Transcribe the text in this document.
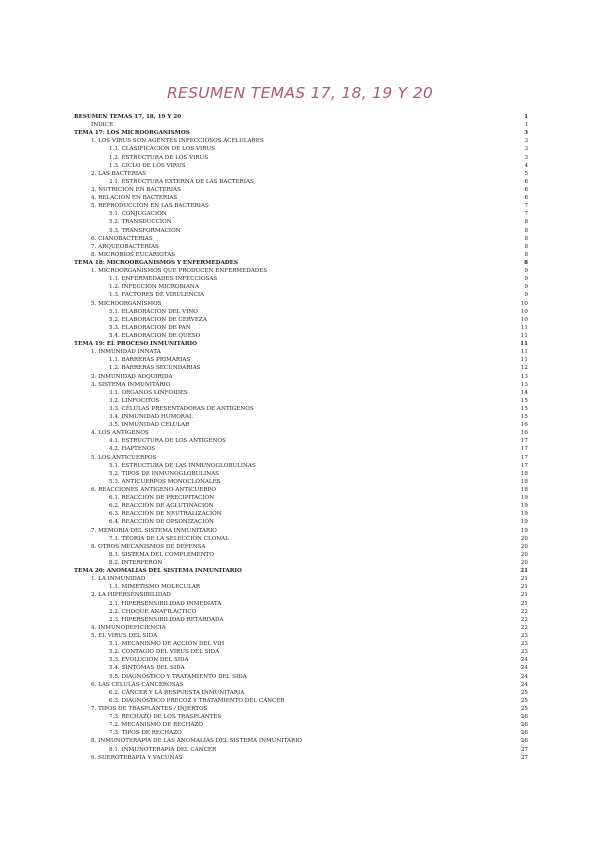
RESUMEN TEMAS 17, 18, 19 Y 20
RESUMEN TEMAS 17, 18, 19 Y 20	1
ÍNDICE	1
TEMA 17: LOS MICROORGANISMOS	3
1. LOS VIRUS SON AGENTES INFECCIOSOS ACELULARES	3
1.1. CLASIFICACIÓN DE LOS VIRUS	3
1.2. ESTRUCTURA DE LOS VIRUS	3
1.3. CICLO DE LOS VIRUS	4
2. LAS BACTERIAS	5
2.1. ESTRUCTURA EXTERNA DE LAS BACTERIAS	6
3. NUTRICIÓN EN BACTERIAS	6
4. RELACIÓN EN BACTERIAS	6
5. REPRODUCCIÓN EN LAS BACTERIAS	7
5.1. CONJUGACIÓN	7
5.2. TRANSDUCCIÓN	8
5.3. TRANSFORMACIÓN	8
6. CIANOBACTERIAS	8
7. ARQUEOBACTERIAS	8
8. MICROBIOS EUCARIOTAS	8
TEMA 18: MICROORGANISMOS Y ENFERMEDADES	8
1. MICROORGANISMOS QUE PRODUCEN ENFERMEDADES	9
1.1. ENFERMEDADES INFECCIOSAS	9
1.2. INFECCIÓN MICROBIANA	9
1.3. FACTORES DE VIRULENCIA	9
5. MICROORGANISMOS	10
5.1. ELABORACIÓN DEL VINO	10
5.2. ELABORACIÓN DE CERVEZA	10
5.3. ELABORACIÓN DE PAN	11
5.4. ELABORACIÓN DE QUESO	11
TEMA 19: EL PROCESO INMUNITARIO	11
1. INMUNIDAD INNATA	11
1.1. BARRERAS PRIMARIAS	11
1.2. BARRERAS SECUNDARIAS	12
2. INMUNIDAD ADQUIRIDA	13
3. SISTEMA INMUNITARIO	13
3.1. ÓRGANOS LINFOIDES	14
3.2. LINFOCITOS	15
3.3. CÉLULAS PRESENTADORAS DE ANTÍGENOS	15
3.4. INMUNIDAD HUMORAL	15
3.5. INMUNIDAD CELULAR	16
4. LOS ANTÍGENOS	16
4.1. ESTRUCTURA DE LOS ANTÍGENOS	17
4.2. HAPTENOS	17
5. LOS ANTICUERPOS	17
5.1. ESTRUCTURA DE LAS INMUNOGLOBULINAS	17
5.2. TIPOS DE INMUNOGLOBULINAS	18
5.3. ANTICUERPOS MONOCLONALES	18
6. REACCIONES ANTÍGENO-ANTICUERPO	18
6.1. REACCIÓN DE PRECIPITACIÓN	19
6.2. REACCIÓN DE AGLUTINACIÓN	19
6.3. REACCIÓN DE NEUTRALIZACIÓN	19
6.4. REACCIÓN DE OPSONIZACIÓN	19
7. MEMORIA DEL SISTEMA INMUNITARIO	19
7.1. TEORÍA DE LA SELECCIÓN CLONAL	20
8. OTROS MECANISMOS DE DEFENSA	20
8.1. SISTEMA DEL COMPLEMENTO	20
8.2. INTERFERÓN	20
TEMA 20: ANOMALÍAS DEL SISTEMA INMUNITARIO	21
1. LA INMUNIDAD	21
1.1. MIMETISMO MOLECULAR	21
2. LA HIPERSENSIBILIDAD	21
2.1. HIPERSENSIBILIDAD INMEDIATA	21
2.2. CHOQUE ANAFILÁCTICO	22
2.3. HIPERSENSIBILIDAD RETARDADA	22
4. INMUNODEFICIENCIA	22
5. EL VIRUS DEL SIDA	23
5.1. MECANISMO DE ACCIÓN DEL VIH	23
5.2. CONTAGIO DEL VIRUS DEL SIDA	23
5.3. EVOLUCIÓN DEL SIDA	24
5.4. SÍNTOMAS DEL SIDA	24
5.5. DIAGNÓSTICO Y TRATAMIENTO DEL SIDA	24
6. LAS CÉLULAS CANCEROSAS	24
6.2. CÁNCER Y LA RESPUESTA INMUNITARIA	25
6.3. DIAGNÓSTICO PRECOZ Y TRATAMIENTO DEL CÁNCER	25
7. TIPOS DE TRASPLANTES / INJERTOS	25
7.3. RECHAZO DE LOS TRASPLANTES	26
7.2. MECANISMO DE RECHAZO	26
7.3. TIPOS DE RECHAZO	26
8. INMUNOTERAPIA DE LAS ANOMALÍAS DEL SISTEMA INMUNITARIO	26
8.1. INMUNOTERAPIA DEL CÁNCER	27
9. SUEROTERAPIA Y VACUNAS	27
